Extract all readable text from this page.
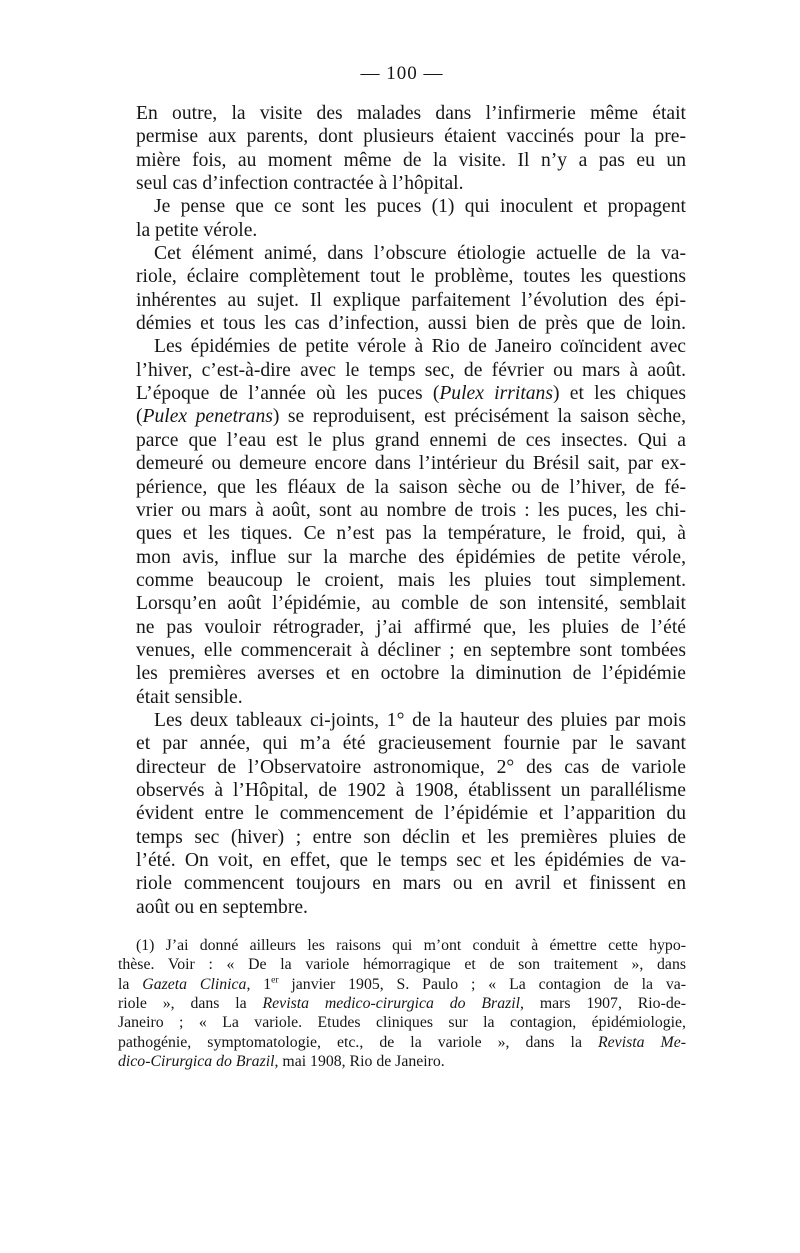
— 100 —

En outre, la visite des malades dans l’infirmerie même était
permise aux parents, dont plusieurs étaient vaccinés pour la pre-
mière fois, au moment même de la visite. Il n’y a pas eu un
seul cas d’infection contractée à l’hôpital.

Je pense que ce sont les puces (1) qui inoculent et propagent
la petite vérole.

Cet élément animé, dans l’obscure étiologie actuelle de la va-
riole, éclaire complètement tout le problème, toutes les questions
inhérentes au sujet. Il explique parfaitement l’évolution des épi-
démies et tous les cas d’infection, aussi bien de près que de loin.

Les épidémies de petite vérole à Rio de Janeiro coïncident avec
l’hiver, c’est-à-dire avec le temps sec, de février ou mars à août.
L’époque de l’année où les puces (Pulex irritans) et les chiques
(Pulex penetrans) se reproduisent, est précisément la saison sèche,
parce que l’eau est le plus grand ennemi de ces insectes. Qui a
demeuré ou demeure encore dans l’intérieur du Brésil sait, par ex-
périence, que les fléaux de la saison sèche ou de l’hiver, de fé-
vrier ou mars à août, sont au nombre de trois : les puces, les chi-
ques et les tiques. Ce n’est pas la température, le froid, qui, à
mon avis, influe sur la marche des épidémies de petite vérole,
comme beaucoup le croient, mais les pluies tout simplement.
Lorsqu’en août l’épidémie, au comble de son intensité, semblait
ne pas vouloir rétrograder, j’ai affirmé que, les pluies de l’été
venues, elle commencerait à décliner ; en septembre sont tombées
les premières averses et en octobre la diminution de l’épidémie
était sensible.

Les deux tableaux ci-joints, 1° de la hauteur des pluies par mois
et par année, qui m’a été gracieusement fournie par le savant
directeur de l’Observatoire astronomique, 2° des cas de variole
observés à l’Hôpital, de 1902 à 1908, établissent un parallélisme
évident entre le commencement de l’épidémie et l’apparition du
temps sec (hiver) ; entre son déclin et les premières pluies de
l’été. On voit, en effet, que le temps sec et les épidémies de va-
riole commencent toujours en mars ou en avril et finissent en
août ou en septembre.

(1) J’ai donné ailleurs les raisons qui m’ont conduit à émettre cette hypo-
thèse. Voir : « De la variole hémorragique et de son traitement », dans
la Gazeta Clinica, 1er janvier 1905, S. Paulo ; « La contagion de la va-
riole », dans la Revista medico-cirurgica do Brazil, mars 1907, Rio-de-
Janeiro ; « La variole. Etudes cliniques sur la contagion, épidémiologie,
pathogénie, symptomatologie, etc., de la variole », dans la Revista Me-
dico-Cirurgica do Brazil, mai 1908, Rio de Janeiro.
